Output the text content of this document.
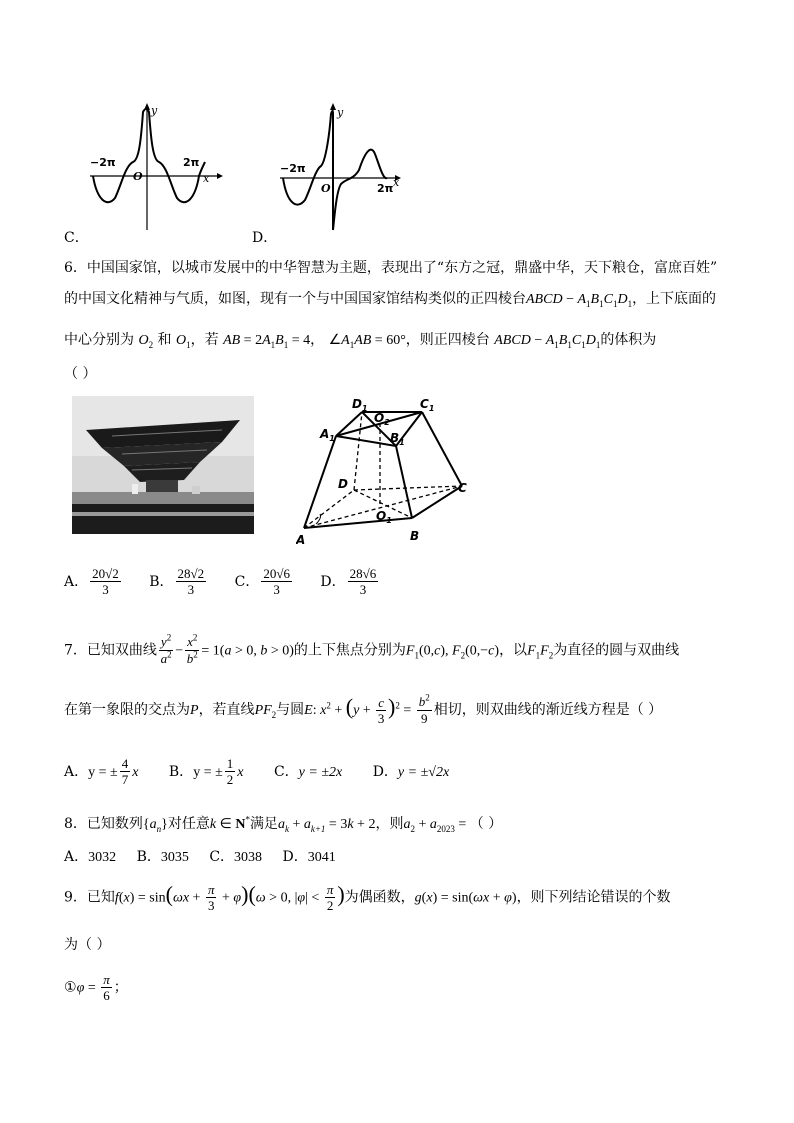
−2π	2π
x
y
O
−2π
2π x
y
O
C．	D．
6．中国国家馆，以城市发展中的中华智慧为主题，表现出了“东方之冠，鼎盛中华，天下粮仓，富庶百姓”
的中国文化精神与气质，如图，现有一个与中国国家馆结构类似的正四棱台ABCD − $A_1B_1C_1D_1$，上下底面的
中心分别为 $O_2$ 和 $O_1$，若 AB = $2A_1B_1 = 4$， $\angle A_1AB = 60^\circ$，则正四棱台 ABCD − $A_1B_1C_1D_1$的体积为
（ ）
$D_1$	$C_1$
$A_1$	$B_1$
$O_2$
D	C
A	B
$O_1$
A． $\frac{20√2}{3}$ B． $\frac{28√2}{3}$ C． $\frac{20√6}{3}$ D． $\frac{28√6}{3}$
7．已知双曲线 $\frac{y^2}{a^2} - \frac{x^2}{b^2} = 1(a > 0$, b > 0)的上下焦点分别为$F_1(0,c)$, $F_2(0,-c)$，以$F_1F_2$为直径的圆与双曲线
在第一象限的交点为P，若直线$PF_2$与圆E: $x^2 + (y + \frac{c}{3} )^2 = \frac{b^2}{9}$ 相切，则双曲线的渐近线方程是（ ）
A．y = ± $\frac{4}{7}$ x B．y = ± $\frac{1}{2}$ x C．y = ±2x D．y = ±√2x
8．已知数列$\{a_n\}$对任意k ∈ N*满足$a_k + a_{k+1} = 3k + 2$，则$a_2 + a_{2023}$ = （ ）
A．3032 B．3035 C．3038 D．3041
9．已知$f(x) = \sin(\omega x + \frac{\pi}{3} + \varphi)(\omega > 0$, $|\varphi| < \frac{\pi}{2}$ )为偶函数，g(x) = sin(ωx + φ)，则下列结论错误的个数
为（ ）
①φ = $\frac{\pi}{6}$ ；
